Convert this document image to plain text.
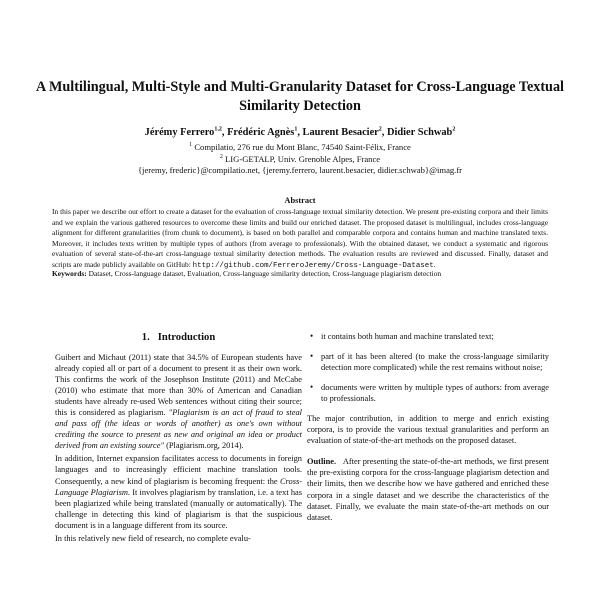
A Multilingual, Multi-Style and Multi-Granularity Dataset for Cross-Language Textual Similarity Detection
Jérémy Ferrero$^{1,2}$, Frédéric Agnès$^1$, Laurent Besacier$^2$, Didier Schwab$^2$
$^1$ Compilatio, 276 rue du Mont Blanc, 74540 Saint-Félix, France
$^2$ LIG-GETALP, Univ. Grenoble Alpes, France
{jeremy, frederic}@compilatio.net, {jeremy.ferrero, laurent.besacier, didier.schwab}@imag.fr
Abstract
In this paper we describe our effort to create a dataset for the evaluation of cross-language textual similarity detection. We present pre-existing corpora and their limits and we explain the various gathered resources to overcome these limits and build our enriched dataset. The proposed dataset is multilingual, includes cross-language alignment for different granularities (from chunk to document), is based on both parallel and comparable corpora and contains human and machine translated texts. Moreover, it includes texts written by multiple types of authors (from average to professionals). With the obtained dataset, we conduct a systematic and rigorous evaluation of several state-of-the-art cross-language textual similarity detection methods. The evaluation results are reviewed and discussed. Finally, dataset and scripts are made publicly available on GitHub: http://github.com/FerreroJeremy/Cross-Language-Dataset.
Keywords: Dataset, Cross-language dataset, Evaluation, Cross-language similarity detection, Cross-language plagiarism detection
1. Introduction

Guibert and Michaut (2011) state that 34.5% of European students have already copied all or part of a document to present it as their own work. This confirms the work of the Josephson Institute (2011) and McCabe (2010) who estimate that more than 30% of American and Canadian students have already re-used Web sentences without citing their source; this is considered as plagiarism. "Plagiarism is an act of fraud to steal and pass off (the ideas or words of another) as one's own without crediting the source to present as new and original an idea or product derived from an existing source" (Plagiarism.org, 2014).

In addition, Internet expansion facilitates access to documents in foreign languages and to increasingly efficient machine translation tools. Consequently, a new kind of plagiarism is becoming frequent: the Cross-Language Plagiarism. It involves plagiarism by translation, i.e. a text has been plagiarized while being translated (manually or automatically). The challenge in detecting this kind of plagiarism is that the suspicious document is in a language different from its source.

In this relatively new field of research, no complete evalu-

• it contains both human and machine translated text;
• part of it has been altered (to make the cross-language similarity detection more complicated) while the rest remains without noise;
• documents were written by multiple types of authors: from average to professionals.

The major contribution, in addition to merge and enrich existing corpora, is to provide the various textual granularities and perform an evaluation of state-of-the-art methods on the proposed dataset.

Outline. After presenting the state-of-the-art methods, we first present the pre-existing corpora for the cross-language plagiarism detection and their limits, then we describe how we have gathered and enriched these corpora in a single dataset and we describe the characteristics of the dataset. Finally, we evaluate the main state-of-the-art methods on our dataset.
